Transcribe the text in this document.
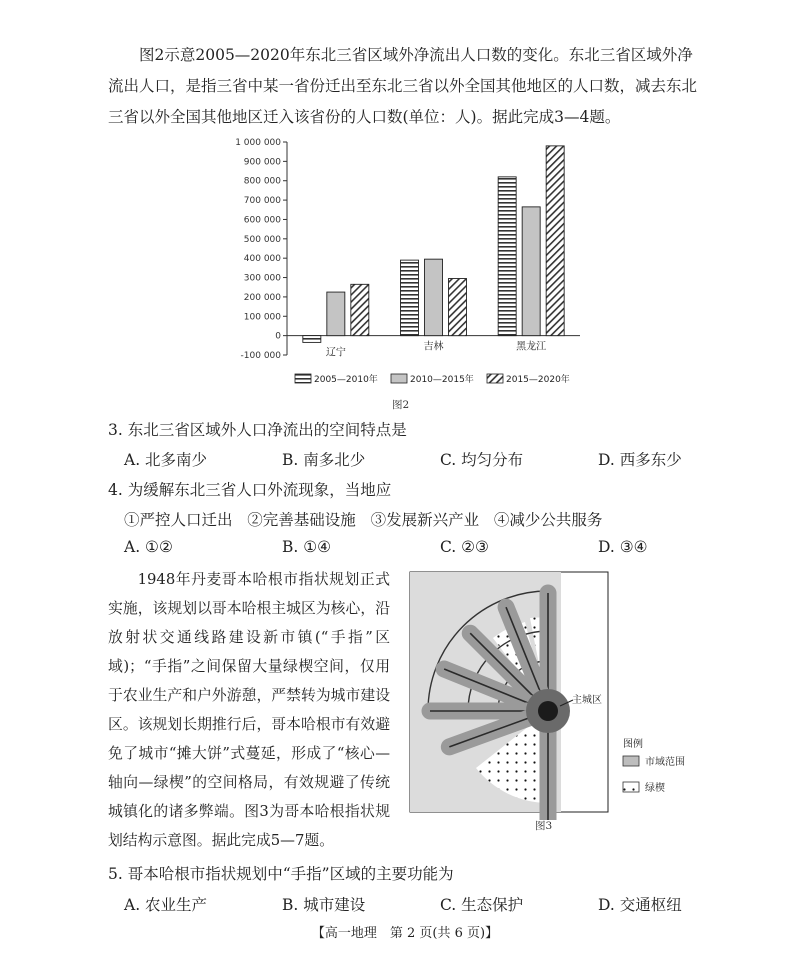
图2示意2005—2020年东北三省区域外净流出人口数的变化。东北三省区域外净流出人口，是指三省中某一省份迁出至东北三省以外全国其他地区的人口数，减去东北三省以外全国其他地区迁入该省份的人口数(单位：人)。据此完成3—4题。
1 000 000
900 000
800 000
700 000
600 000
500 000
400 000
300 000
200 000
100 000
0
-100 000	辽宁
吉林	黑龙江
2005—2010年	2010—2015年	2015—2020年
图2
3. 东北三省区域外人口净流出的空间特点是
A. 北多南少	B. 南多北少	C. 均匀分布	D. 西多东少
4. 为缓解东北三省人口外流现象，当地应
①严控人口迁出   ②完善基础设施   ③发展新兴产业   ④减少公共服务
A. ①②	B. ①④	C. ②③	D. ③④
1948年丹麦哥本哈根市指状规划正式实施，该规划以哥本哈根主城区为核心，沿放射状交通线路建设新市镇(“手指”区域)；“手指”之间保留大量绿楔空间，仅用于农业生产和户外游憩，严禁转为城市建设区。该规划长期推行后，哥本哈根市有效避免了城市“摊大饼”式蔓延，形成了“核心—轴向—绿楔”的空间格局，有效规避了传统城镇化的诸多弊端。图3为哥本哈根指状规划结构示意图。据此完成5—7题。
主城区
图例
市域范围
绿楔
图3
5. 哥本哈根市指状规划中“手指”区域的主要功能为
A. 农业生产	B. 城市建设	C. 生态保护	D. 交通枢纽
【高一地理　第 2 页(共 6 页)】
